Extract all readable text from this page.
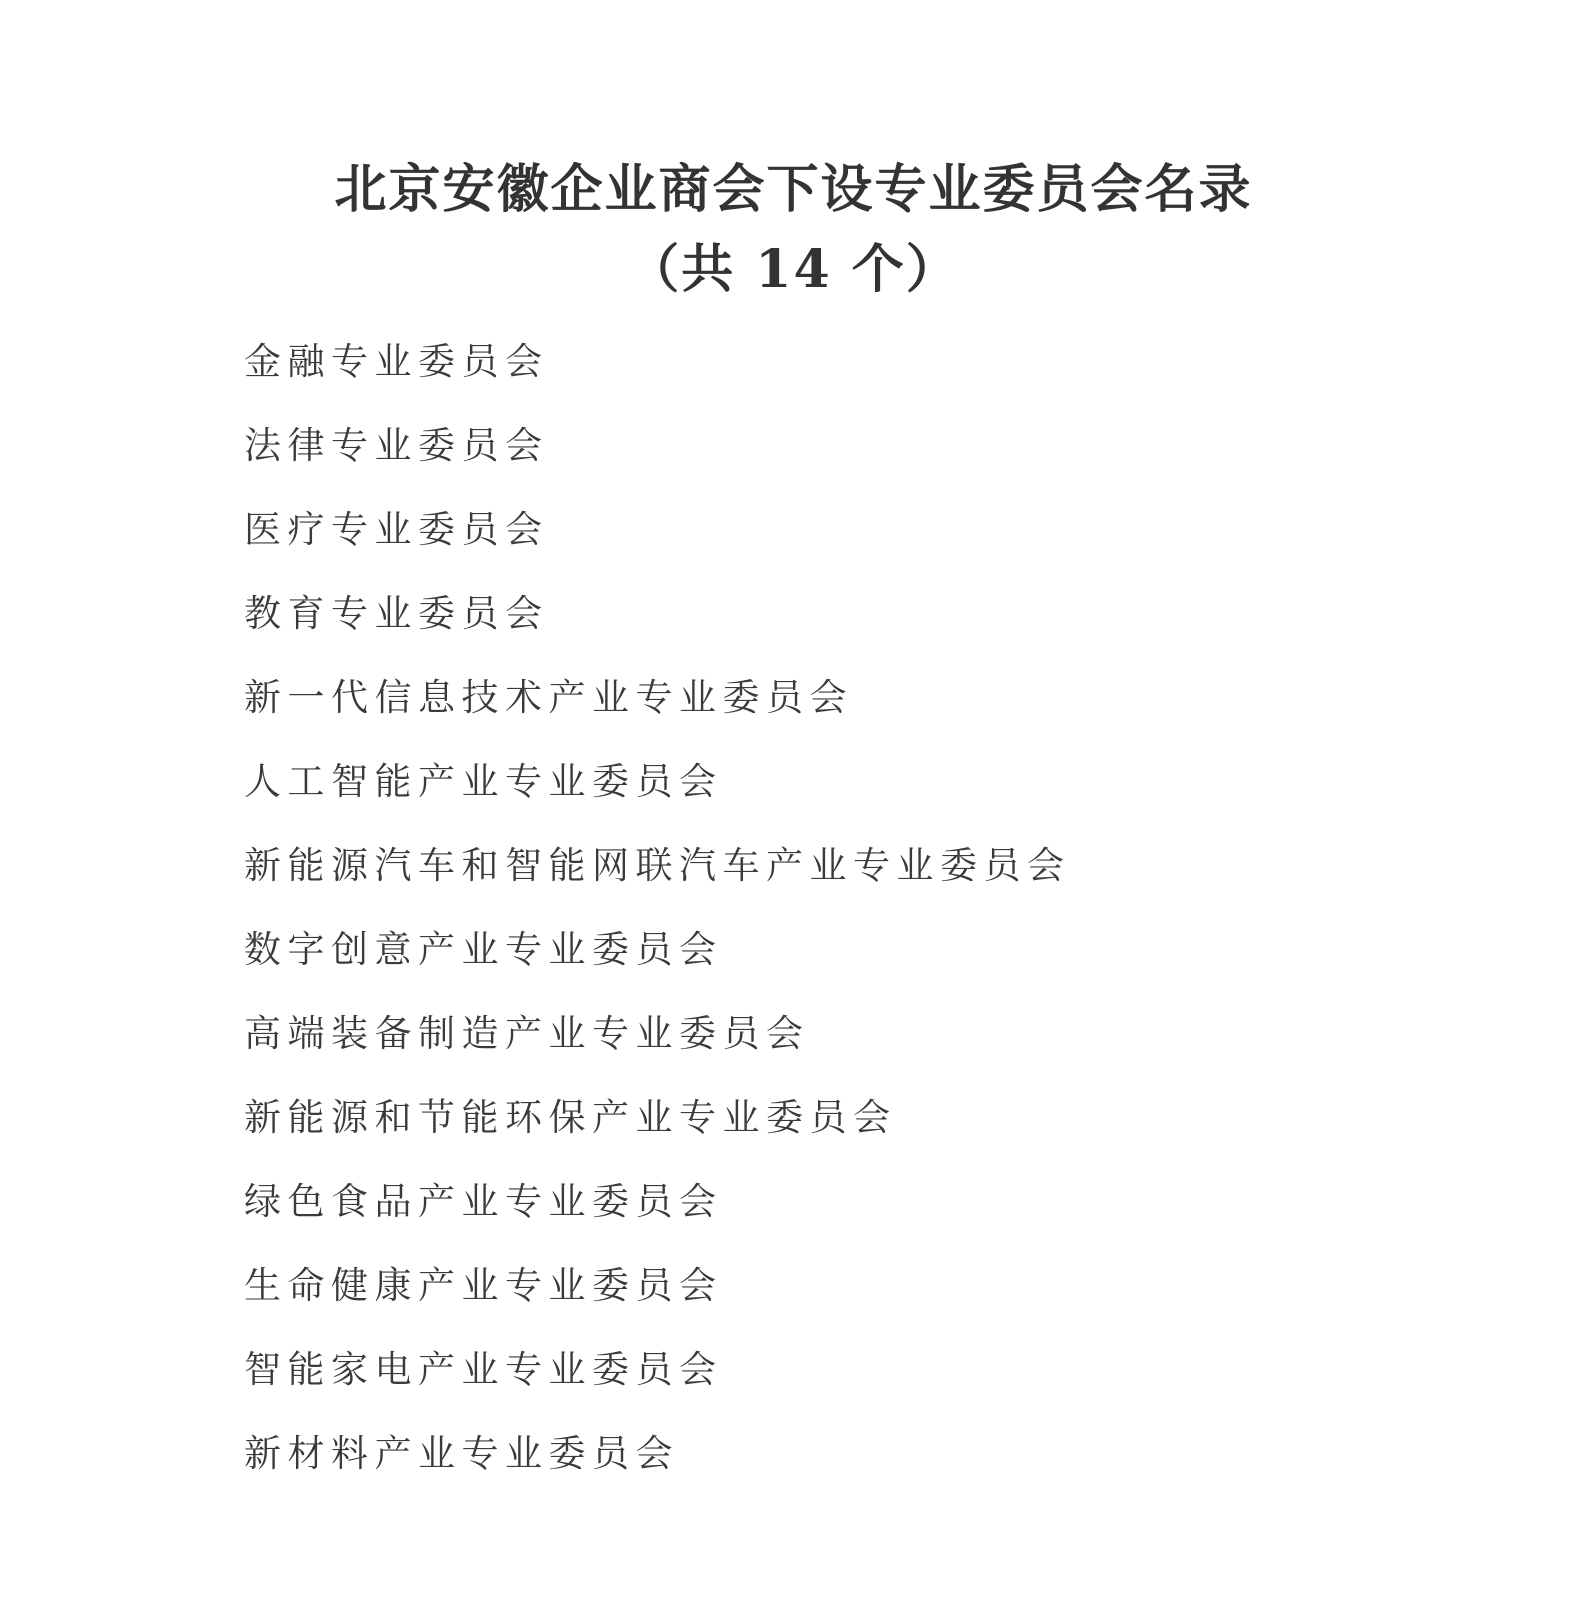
北京安徽企业商会下设专业委员会名录
（共 14 个）
金融专业委员会
法律专业委员会
医疗专业委员会
教育专业委员会
新一代信息技术产业专业委员会
人工智能产业专业委员会
新能源汽车和智能网联汽车产业专业委员会
数字创意产业专业委员会
高端装备制造产业专业委员会
新能源和节能环保产业专业委员会
绿色食品产业专业委员会
生命健康产业专业委员会
智能家电产业专业委员会
新材料产业专业委员会
